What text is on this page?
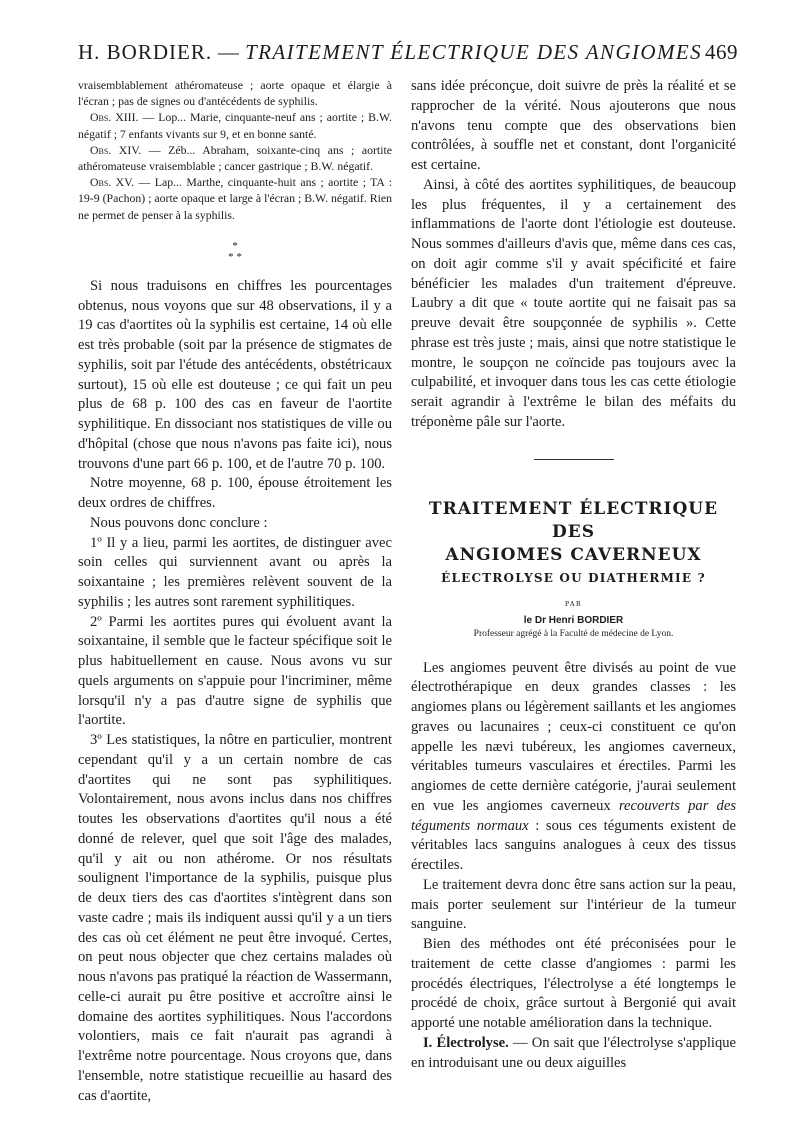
H. BORDIER. — TRAITEMENT ÉLECTRIQUE DES ANGIOMES 469

vraisemblablement athéromateuse ; aorte opaque et élargie à l'écran ; pas de signes ou d'antécédents de syphilis.

Obs. XIII. — Lop... Marie, cinquante-neuf ans ; aortite ; B.W. négatif ; 7 enfants vivants sur 9, et en bonne santé.

Obs. XIV. — Zéb... Abraham, soixante-cinq ans ; aortite athéromateuse vraisemblable ; cancer gastrique ; B.W. négatif.

Obs. XV. — Lap... Marthe, cinquante-huit ans ; aortite ; TA : 19-9 (Pachon) ; aorte opaque et large à l'écran ; B.W. négatif. Rien ne permet de penser à la syphilis.

*
* *

Si nous traduisons en chiffres les pourcentages obtenus, nous voyons que sur 48 observations, il y a 19 cas d'aortites où la syphilis est certaine, 14 où elle est très probable (soit par la présence de stigmates de syphilis, soit par l'étude des antécédents, obstétricaux surtout), 15 où elle est douteuse ; ce qui fait un peu plus de 68 p. 100 des cas en faveur de l'aortite syphilitique. En dissociant nos statistiques de ville ou d'hôpital (chose que nous n'avons pas faite ici), nous trouvons d'une part 66 p. 100, et de l'autre 70 p. 100.

Notre moyenne, 68 p. 100, épouse étroitement les deux ordres de chiffres.

Nous pouvons donc conclure :

1º Il y a lieu, parmi les aortites, de distinguer avec soin celles qui surviennent avant ou après la soixantaine ; les premières relèvent souvent de la syphilis ; les autres sont rarement syphilitiques.

2º Parmi les aortites pures qui évoluent avant la soixantaine, il semble que le facteur spécifique soit le plus habituellement en cause. Nous avons vu sur quels arguments on s'appuie pour l'incriminer, même lorsqu'il n'y a pas d'autre signe de syphilis que l'aortite.

3º Les statistiques, la nôtre en particulier, montrent cependant qu'il y a un certain nombre de cas d'aortites qui ne sont pas syphilitiques. Volontairement, nous avons inclus dans nos chiffres toutes les observations d'aortites qu'il nous a été donné de relever, quel que soit l'âge des malades, qu'il y ait ou non athérome. Or nos résultats soulignent l'importance de la syphilis, puisque plus de deux tiers des cas d'aortites s'intègrent dans son vaste cadre ; mais ils indiquent aussi qu'il y a un tiers des cas où cet élément ne peut être invoqué. Certes, on peut nous objecter que chez certains malades où nous n'avons pas pratiqué la réaction de Wassermann, celle-ci aurait pu être positive et accroître ainsi le domaine des aortites syphilitiques. Nous l'accordons volontiers, mais ce fait n'aurait pas agrandi à l'extrême notre pourcentage. Nous croyons que, dans l'ensemble, notre statistique recueillie au hasard des cas d'aortite,

sans idée préconçue, doit suivre de près la réalité et se rapprocher de la vérité. Nous ajouterons que nous n'avons tenu compte que des observations bien contrôlées, à souffle net et constant, dont l'organicité est certaine.

Ainsi, à côté des aortites syphilitiques, de beaucoup les plus fréquentes, il y a certainement des inflammations de l'aorte dont l'étiologie est douteuse. Nous sommes d'ailleurs d'avis que, même dans ces cas, on doit agir comme s'il y avait spécificité et faire bénéficier les malades d'un traitement d'épreuve. Laubry a dit que « toute aortite qui ne faisait pas sa preuve devait être soupçonnée de syphilis ». Cette phrase est très juste ; mais, ainsi que notre statistique le montre, le soupçon ne coïncide pas toujours avec la culpabilité, et invoquer dans tous les cas cette étiologie serait agrandir à l'extrême le bilan des méfaits du tréponème pâle sur l'aorte.

TRAITEMENT ÉLECTRIQUE

DES

ANGIOMES CAVERNEUX

ÉLECTROLYSE OU DIATHERMIE ?

PAR

le Dr Henri BORDIER

Professeur agrégé à la Faculté de médecine de Lyon.

Les angiomes peuvent être divisés au point de vue électrothérapique en deux grandes classes : les angiomes plans ou légèrement saillants et les angiomes graves ou lacunaires ; ceux-ci constituent ce qu'on appelle les nævi tubéreux, les angiomes caverneux, véritables tumeurs vasculaires et érectiles. Parmi les angiomes de cette dernière catégorie, j'aurai seulement en vue les angiomes caverneux recouverts par des téguments normaux : sous ces téguments existent de véritables lacs sanguins analogues à ceux des tissus érectiles.

Le traitement devra donc être sans action sur la peau, mais porter seulement sur l'intérieur de la tumeur sanguine.

Bien des méthodes ont été préconisées pour le traitement de cette classe d'angiomes : parmi les procédés électriques, l'électrolyse a été longtemps le procédé de choix, grâce surtout à Bergonié qui avait apporté une notable amélioration dans la technique.

I. Électrolyse. — On sait que l'électrolyse s'applique en introduisant une ou deux aiguilles
